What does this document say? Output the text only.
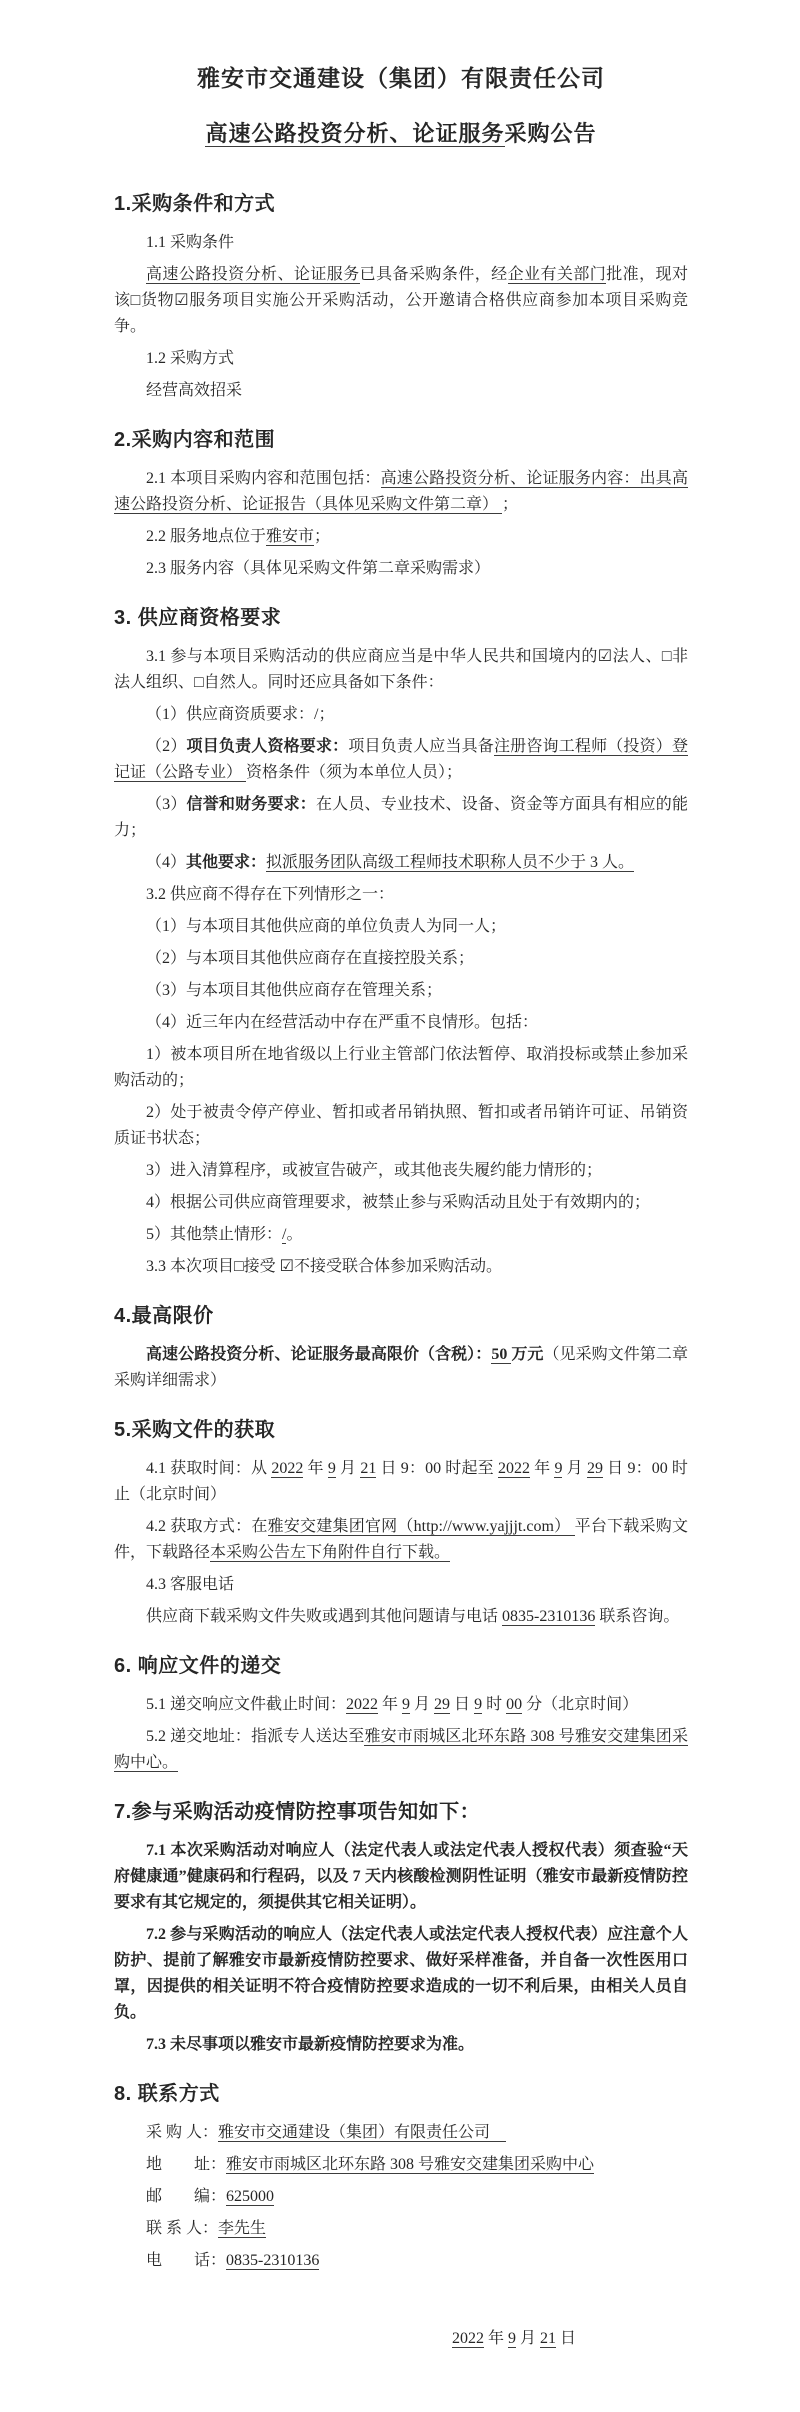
雅安市交通建设（集团）有限责任公司
高速公路投资分析、论证服务采购公告
1.采购条件和方式
1.1 采购条件
高速公路投资分析、论证服务已具备采购条件，经企业有关部门批准，现对该□货物☑服务项目实施公开采购活动，公开邀请合格供应商参加本项目采购竞争。
1.2 采购方式
经营高效招采
2.采购内容和范围
2.1 本项目采购内容和范围包括：高速公路投资分析、论证服务内容：出具高速公路投资分析、论证报告（具体见采购文件第二章） ；
2.2 服务地点位于雅安市；
2.3 服务内容（具体见采购文件第二章采购需求）
3. 供应商资格要求
3.1 参与本项目采购活动的供应商应当是中华人民共和国境内的☑法人、□非法人组织、□自然人。同时还应具备如下条件：
（1）供应商资质要求：/；
（2）项目负责人资格要求：项目负责人应当具备注册咨询工程师（投资）登记证（公路专业） 资格条件（须为本单位人员）；
（3）信誉和财务要求：在人员、专业技术、设备、资金等方面具有相应的能力；
（4）其他要求：拟派服务团队高级工程师技术职称人员不少于 3 人。
3.2 供应商不得存在下列情形之一：
（1）与本项目其他供应商的单位负责人为同一人；
（2）与本项目其他供应商存在直接控股关系；
（3）与本项目其他供应商存在管理关系；
（4）近三年内在经营活动中存在严重不良情形。包括：
1）被本项目所在地省级以上行业主管部门依法暂停、取消投标或禁止参加采购活动的；
2）处于被责令停产停业、暂扣或者吊销执照、暂扣或者吊销许可证、吊销资质证书状态；
3）进入清算程序，或被宣告破产，或其他丧失履约能力情形的；
4）根据公司供应商管理要求，被禁止参与采购活动且处于有效期内的；
5）其他禁止情形：/。
3.3 本次项目□接受 ☑不接受联合体参加采购活动。
4.最高限价
高速公路投资分析、论证服务最高限价（含税）：50 万元（见采购文件第二章采购详细需求）
5.采购文件的获取
4.1 获取时间：从 2022 年 9 月 21 日 9：00 时起至 2022 年 9 月 29 日 9：00 时止（北京时间）
4.2 获取方式：在雅安交建集团官网（http://www.yajjjt.com） 平台下载采购文件，下载路径本采购公告左下角附件自行下载。
4.3 客服电话
供应商下载采购文件失败或遇到其他问题请与电话 0835-2310136 联系咨询。
6. 响应文件的递交
5.1 递交响应文件截止时间：2022 年 9 月 29 日 9 时 00 分（北京时间）
5.2 递交地址：指派专人送达至雅安市雨城区北环东路 308 号雅安交建集团采购中心。
7.参与采购活动疫情防控事项告知如下：
7.1 本次采购活动对响应人（法定代表人或法定代表人授权代表）须查验“天府健康通”健康码和行程码，以及 7 天内核酸检测阴性证明（雅安市最新疫情防控要求有其它规定的，须提供其它相关证明）。
7.2 参与采购活动的响应人（法定代表人或法定代表人授权代表）应注意个人防护、提前了解雅安市最新疫情防控要求、做好采样准备，并自备一次性医用口罩，因提供的相关证明不符合疫情防控要求造成的一切不利后果，由相关人员自负。
7.3 未尽事项以雅安市最新疫情防控要求为准。
8. 联系方式
采 购 人：雅安市交通建设（集团）有限责任公司　
地　　址：雅安市雨城区北环东路 308 号雅安交建集团采购中心
邮　　编：625000
联 系 人：李先生
电　　话：0835-2310136
2022 年 9 月 21 日
